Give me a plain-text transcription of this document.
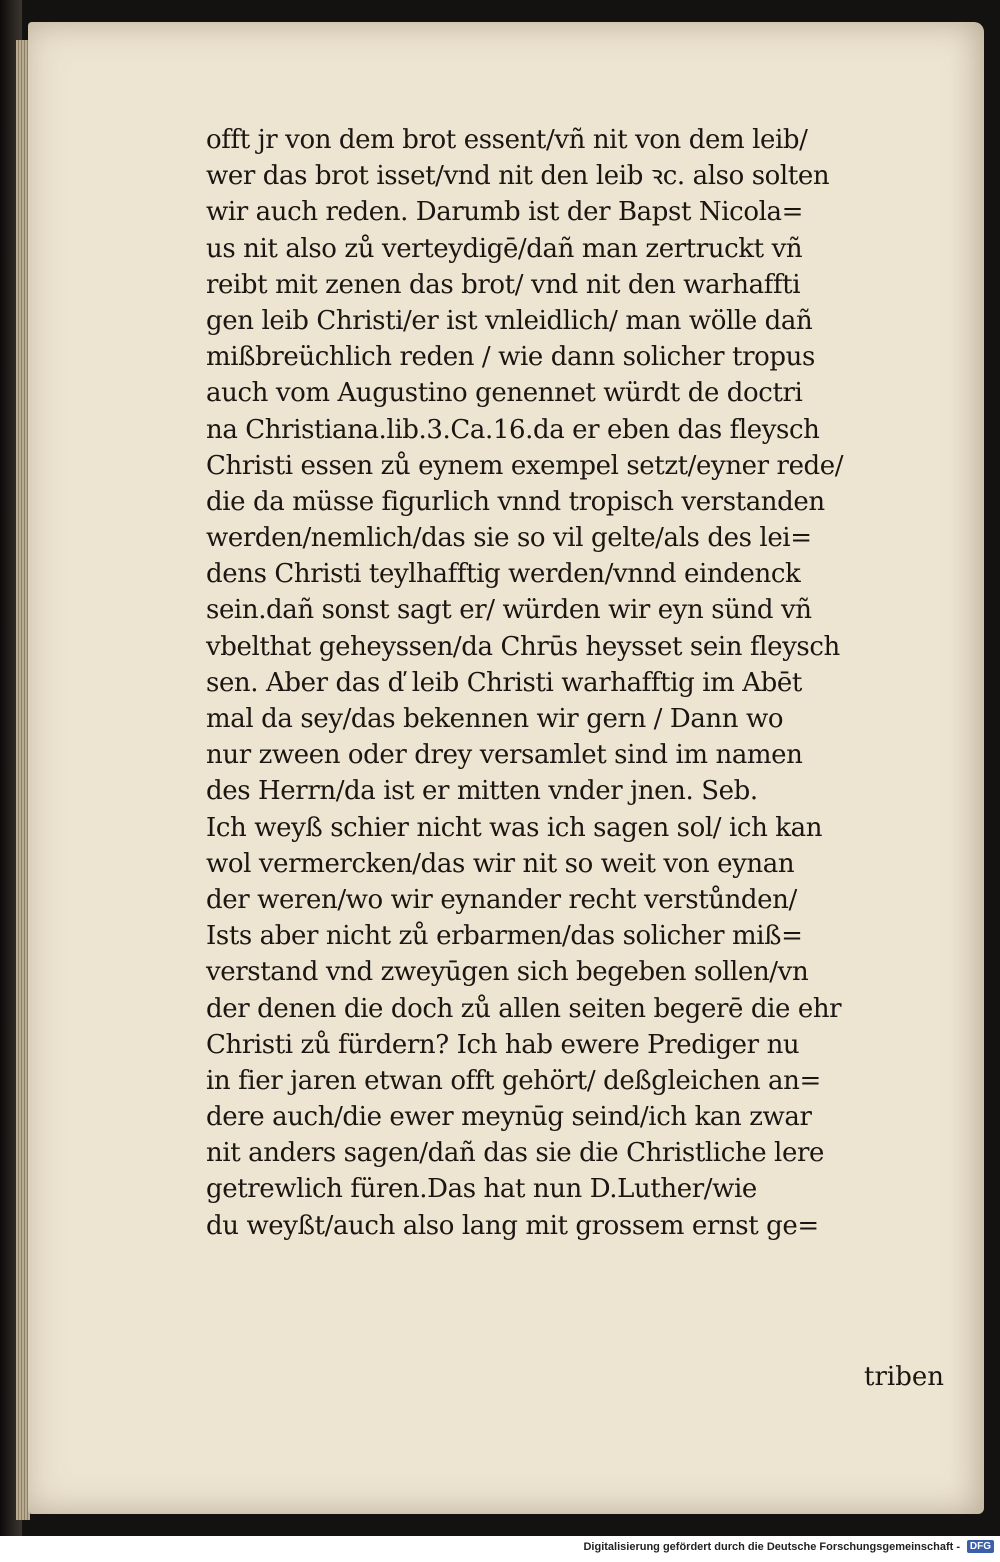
offt jr von dem brot essent/vñ nit von dem leib/
wer das brot isset/vnd nit den leib ꝛc. also solten
wir auch reden. Darumb ist der Bapst Nicola=
us nit also zů verteydigē/dañ man zertruckt vñ
reibt mit zenen das brot/ vnd nit den warhaffti
gen leib Christi/er ist vnleidlich/ man wölle dañ
mißbreüchlich reden / wie dann solicher tropus
auch vom Augustino genennet würdt de doctri
na Christiana.lib.3.Ca.16.da er eben das fleysch
Christi essen zů eynem exempel setzt/eyner rede/
die da müsse figurlich vnnd tropisch verstanden
werden/nemlich/das sie so vil gelte/als des lei=
dens Christi teylhafftig werden/vnnd eindenck
sein.dañ sonst sagt er/ würden wir eyn sünd vñ
vbelthat geheyssen/da Chrūs heysset sein fleysch
sen. Aber das ď leib Christi warhafftig im Abēt
mal da sey/das bekennen wir gern / Dann wo
nur zween oder drey versamlet sind im namen
des Herrn/da ist er mitten vnder jnen. Seb.
Ich weyß schier nicht was ich sagen sol/ ich kan
wol vermercken/das wir nit so weit von eynan
der weren/wo wir eynander recht verstůnden/
Ists aber nicht zů erbarmen/das solicher miß=
verstand vnd zweyūgen sich begeben sollen/vn
der denen die doch zů allen seiten begerē die ehr
Christi zů fürdern? Ich hab ewere Prediger nu
in fier jaren etwan offt gehört/ deßgleichen an=
dere auch/die ewer meynūg seind/ich kan zwar
nit anders sagen/dañ das sie die Christliche lere
getrewlich füren.Das hat nun D.Luther/wie
du weyßt/auch also lang mit grossem ernst ge=
triben
Digitalisierung gefördert durch die Deutsche Forschungsgemeinschaft - DFG
